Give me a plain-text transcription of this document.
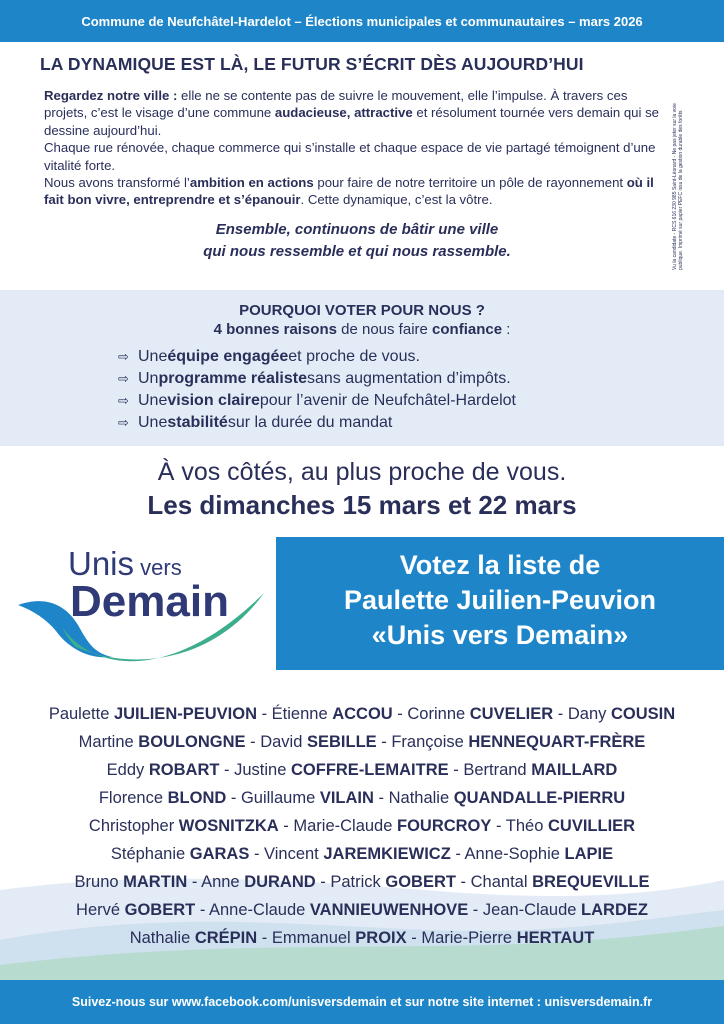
Commune de Neufchâtel-Hardelot – Élections municipales et communautaires – mars 2026
LA DYNAMIQUE EST LÀ, LE FUTUR S’ÉCRIT DÈS AUJOURD’HUI

Regardez notre ville : elle ne se contente pas de suivre le mouvement, elle l’impulse. À travers ces projets, c’est le visage d’une commune audacieuse, attractive et résolument tournée vers demain qui se dessine aujourd’hui.
Chaque rue rénovée, chaque commerce qui s’installe et chaque espace de vie partagé témoignent d’une vitalité forte.
Nous avons transformé l’ambition en actions pour faire de notre territoire un pôle de rayonnement où il fait bon vivre, entreprendre et s’épanouir. Cette dynamique, c’est la vôtre.

Ensemble, continuons de bâtir une ville
qui nous ressemble et qui nous rassemble.	Vu la candidate - RCS 616 230 985 Saint-Léonard - Ne pas jeter sur la voie publique. Imprimé sur papier PEFC issu de la gestion durable des forêts
POURQUOI VOTER POUR NOUS ?
4 bonnes raisons de nous faire confiance :
⇨ Une équipe engagée et proche de vous.
⇨ Un programme réaliste sans augmentation d’impôts.
⇨ Une vision claire pour l’avenir de Neufchâtel-Hardelot
⇨ Une stabilité sur la durée du mandat
À vos côtés, au plus proche de vous.
Les dimanches 15 mars et 22 mars
Unis vers
Demain
Votez la liste de
Paulette Juilien-Peuvion
«Unis vers Demain»
Paulette JUILIEN-PEUVION - Étienne ACCOU - Corinne CUVELIER - Dany COUSIN
Martine BOULONGNE - David SEBILLE - Françoise HENNEQUART-FRÈRE
Eddy ROBART - Justine COFFRE-LEMAITRE - Bertrand MAILLARD
Florence BLOND - Guillaume VILAIN - Nathalie QUANDALLE-PIERRU
Christopher WOSNITZKA - Marie-Claude FOURCROY - Théo CUVILLIER
Stéphanie GARAS - Vincent JAREMKIEWICZ - Anne-Sophie LAPIE
Bruno MARTIN - Anne DURAND - Patrick GOBERT - Chantal BREQUEVILLE
Hervé GOBERT - Anne-Claude VANNIEUWENHOVE - Jean-Claude LARDEZ
Nathalie CRÉPIN - Emmanuel PROIX - Marie-Pierre HERTAUT
Suivez-nous sur www.facebook.com/unisversdemain et sur notre site internet : unisversdemain.fr
